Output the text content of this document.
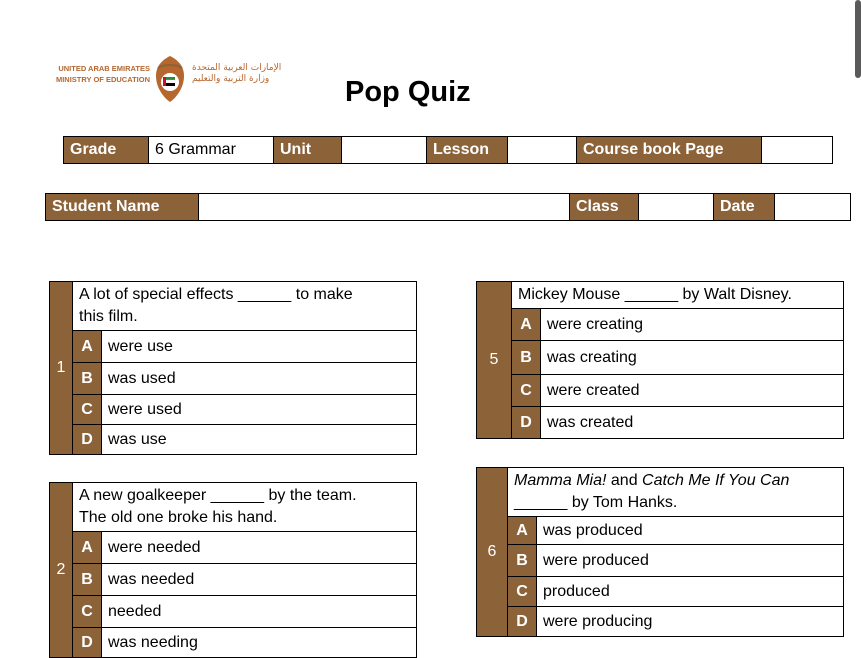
UNITED ARAB EMIRATES
MINISTRY OF EDUCATION
الإمارات العربية المتحدة
وزارة التربية والتعليم	Pop Quiz
Grade	6 Grammar	Unit		Lesson		Course book Page	
Student Name		Class		Date	
1	A lot of special effects ______ to make
this film.	

	A	were use
	B	was used
	C	were used
	D	was use
2	A new goalkeeper ______ by the team.
The old one broke his hand.	

	A	were needed
	B	was needed
	C	needed
	D	was needing
5	Mickey Mouse ______ by Walt Disney.	

	A	were creating
	B	was creating
	C	were created
	D	was created
6	Mamma Mia! and Catch Me If You Can
______ by Tom Hanks.	

	A	was produced
	B	were produced
	C	produced
	D	were producing
